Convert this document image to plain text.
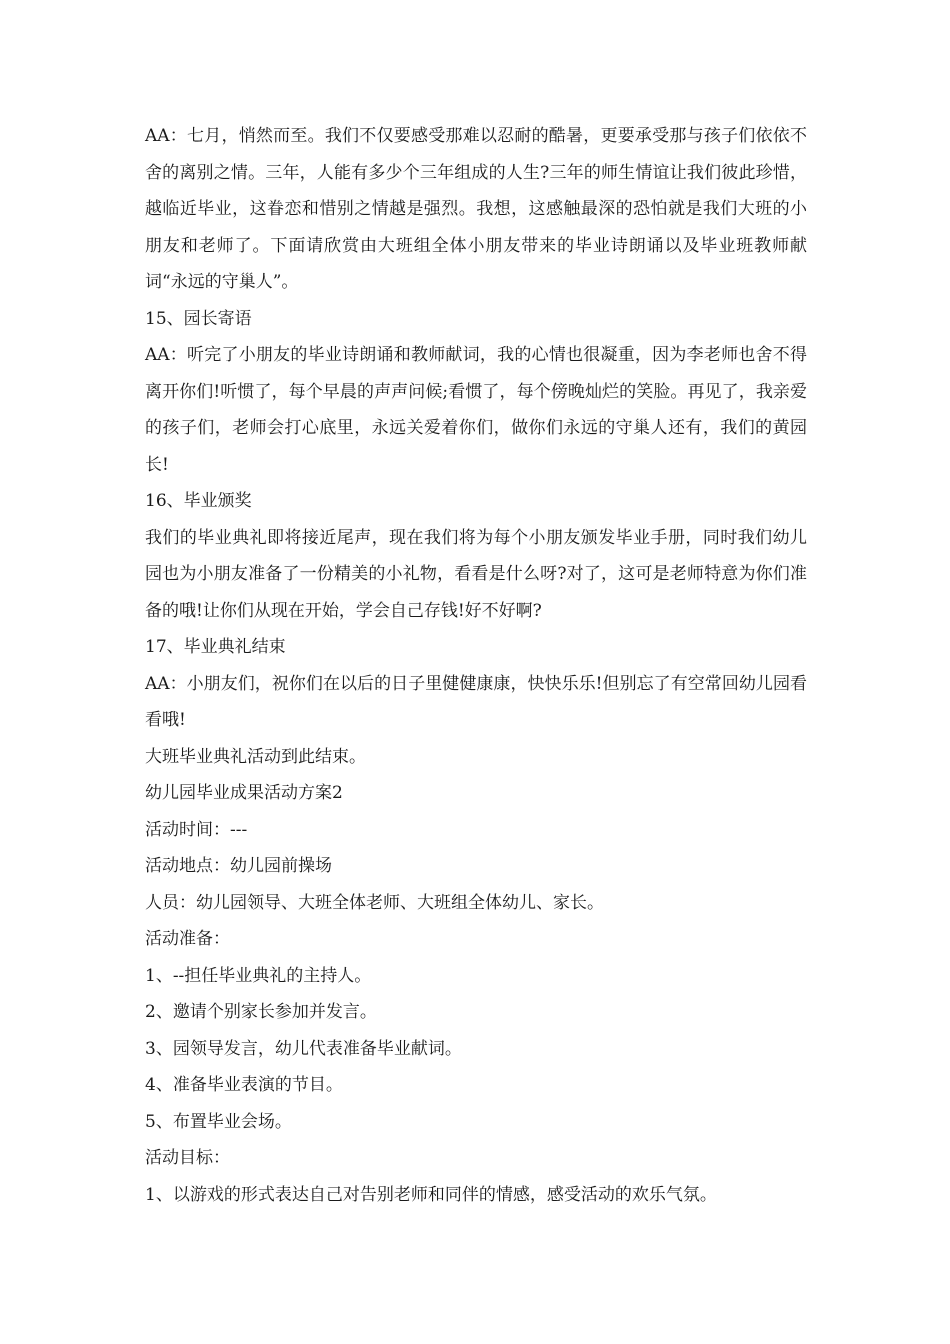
AA：七月，悄然而至。我们不仅要感受那难以忍耐的酷暑，更要承受那与孩子们依依不舍的离别之情。三年，人能有多少个三年组成的人生?三年的师生情谊让我们彼此珍惜，越临近毕业，这眷恋和惜别之情越是强烈。我想，这感触最深的恐怕就是我们大班的小朋友和老师了。下面请欣赏由大班组全体小朋友带来的毕业诗朗诵以及毕业班教师献词“永远的守巢人”。

15、园长寄语

AA：听完了小朋友的毕业诗朗诵和教师献词，我的心情也很凝重，因为李老师也舍不得离开你们!听惯了，每个早晨的声声问候;看惯了，每个傍晚灿烂的笑脸。再见了，我亲爱的孩子们，老师会打心底里，永远关爱着你们，做你们永远的守巢人还有，我们的黄园长!

16、毕业颁奖

我们的毕业典礼即将接近尾声，现在我们将为每个小朋友颁发毕业手册，同时我们幼儿园也为小朋友准备了一份精美的小礼物，看看是什么呀?对了，这可是老师特意为你们准备的哦!让你们从现在开始，学会自己存钱!好不好啊?

17、毕业典礼结束

AA：小朋友们，祝你们在以后的日子里健健康康，快快乐乐!但别忘了有空常回幼儿园看看哦!

大班毕业典礼活动到此结束。

幼儿园毕业成果活动方案2

活动时间：---

活动地点：幼儿园前操场

人员：幼儿园领导、大班全体老师、大班组全体幼儿、家长。

活动准备：

1、--担任毕业典礼的主持人。

2、邀请个别家长参加并发言。

3、园领导发言，幼儿代表准备毕业献词。

4、准备毕业表演的节目。

5、布置毕业会场。

活动目标：

1、以游戏的形式表达自己对告别老师和同伴的情感，感受活动的欢乐气氛。
